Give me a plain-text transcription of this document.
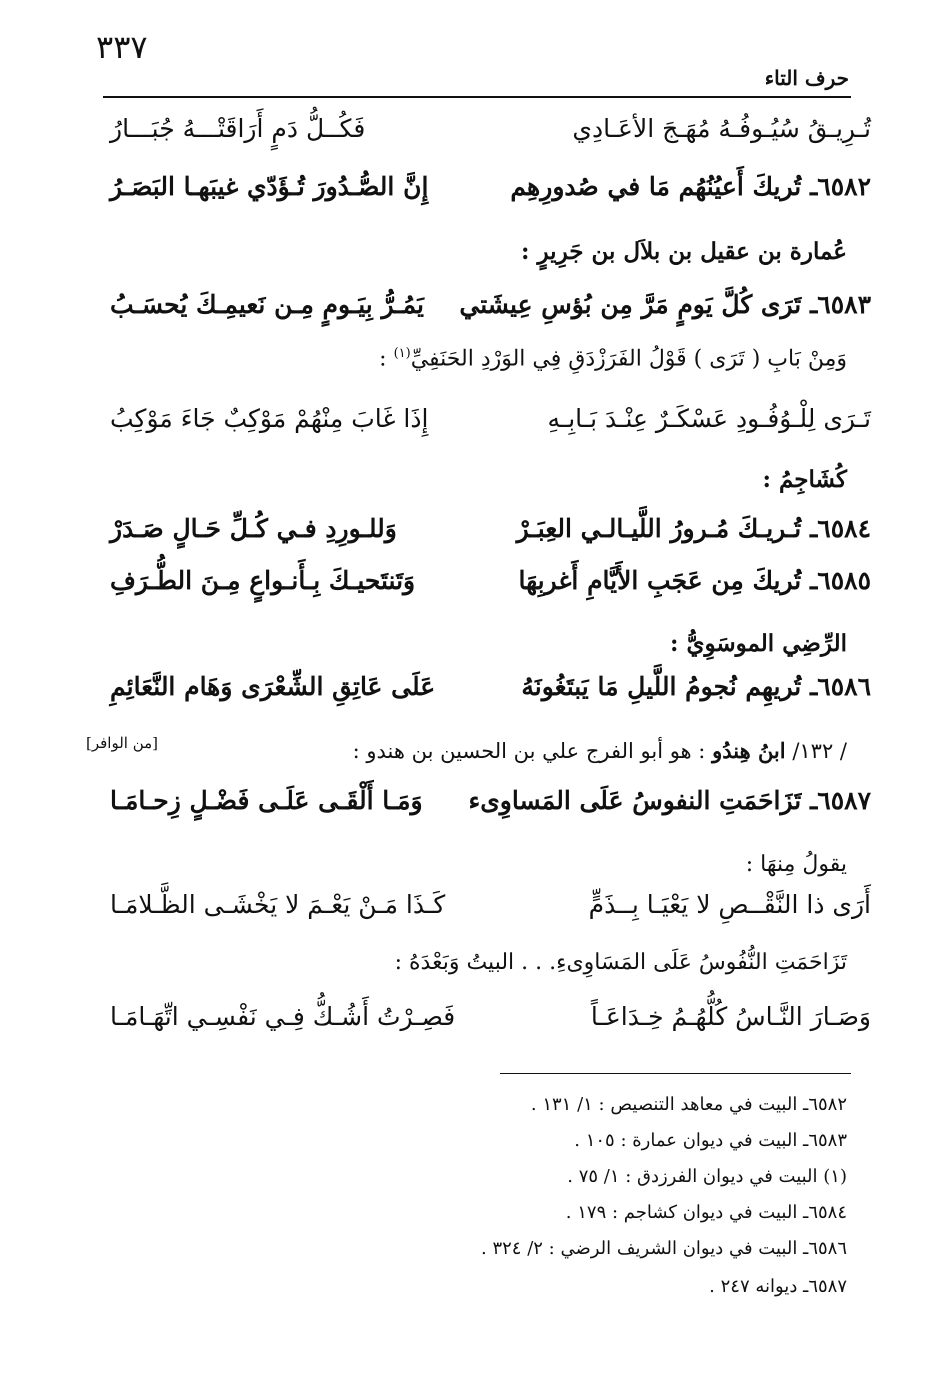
٣٣٧
حرف التاء
تُـرِيـقُ سُيُـوفُـهُ مُهَـجَ الأعَـادِي
فَكُــلُّ دَمٍ أَرَاقَتْـــهُ جُبَـــارُ
٦٥٨٢ـ تُريكَ أَعيُنُهُم مَا في صُدورِهِم
إِنَّ الصُّـدُورَ تُـؤَدّي غيبَهـا البَصَـرُ
عُمارة بن عقيل بن بلاَل بن جَرِيرٍ :
٦٥٨٣ـ تَرَى كُلَّ يَومٍ مَرَّ مِن بُؤسِ عِيشَتي
يَمُـرُّ بِيَـومٍ مِـن نَعيمِـكَ يُحسَـبُ
وَمِنْ بَابِ ( تَرَى ) قَوْلُ الفَرَزْدَقِ فِي الوَرْدِ الحَنَفِيِّ$^{(١)}$ :
تَـرَى لِلْـوُفُـودِ عَسْكَـرٌ عِنْـدَ بَـابِـهِ
إِذَا غَابَ مِنْهُمْ مَوْكِبٌ جَاءَ مَوْكِبُ
كُشَاجِمُ :
٦٥٨٤ـ تُـريـكَ مُـرورُ اللَّيـالـي العِبَـرْ
وَللـورِدِ فـي كُـلِّ حَـالٍ صَـدَرْ
٦٥٨٥ـ تُريكَ مِن عَجَبِ الأَيَّامِ أَغربِهَا
وَتَنتَحيـكَ بِـأَنـواعٍ مِـنَ الطُّـرَفِ
الرِّضِي الموسَوِيُّ :
٦٥٨٦ـ تُريهِم نُجومُ اللَّيلِ مَا يَبتَغُونَهُ
عَلَى عَاتِقِ الشِّعْرَى وَهَام النَّعَائِمِ
/ ١٣٢/ ابنُ هِندُو : هو أبو الفرج علي بن الحسين بن هندو :
[من الوافر]
٦٥٨٧ـ تَزَاحَمَتِ النفوسُ عَلَى المَساوِىء
وَمَـا أَلْقَـى عَلَـى فَضْـلٍ زِحـامَـا
يقولُ مِنهَا :
أَرَى ذا النَّقْــصِ لا يَعْيَـا بِــذَمٍّ
كَـذَا مَـنْ يَعْـمَ لا يَخْشَـى الظَّـلامَـا
تَزَاحَمَتِ النُّفُوسُ عَلَى المَسَاوِىءِ. . . البيتُ وَبَعْدَهُ :
وَصَـارَ النَّـاسُ كُلُّهُـمُ خِـدَاعَـاً
فَصِـرْتُ أَشُـكُّ فِـي نَفْسِـي اتِّهَـامَـا
٦٥٨٢ـ البيت في معاهد التنصيص : ١/ ١٣١ .
٦٥٨٣ـ البيت في ديوان عمارة : ١٠٥ .
(١) البيت في ديوان الفرزدق : ١/ ٧٥ .
٦٥٨٤ـ البيت في ديوان كشاجم : ١٧٩ .
٦٥٨٦ـ البيت في ديوان الشريف الرضي : ٢/ ٣٢٤ .
٦٥٨٧ـ ديوانه ٢٤٧ .
